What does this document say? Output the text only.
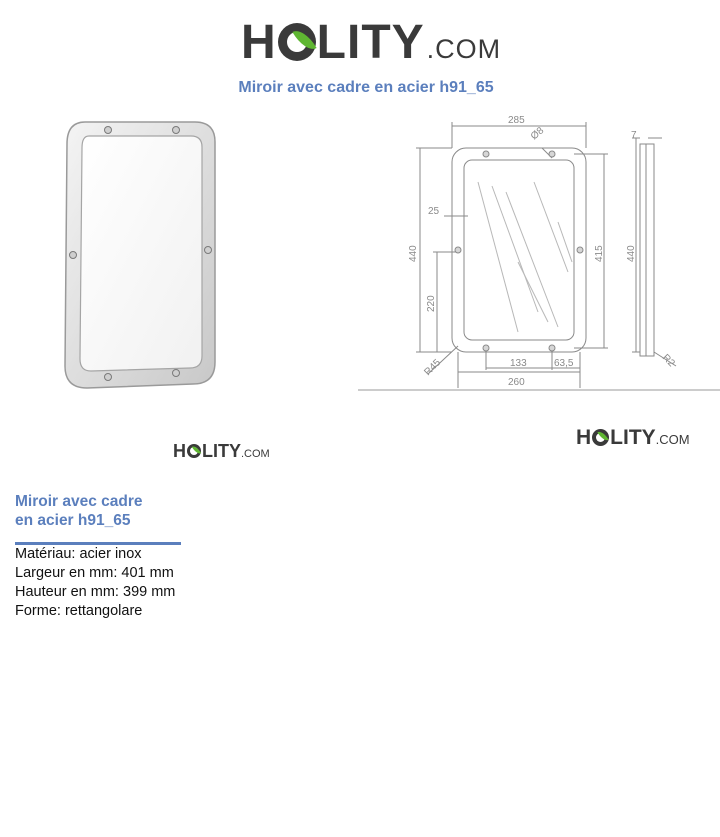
H LITY .COM
Miroir avec cadre en acier h91_65
285
Ø8	7
25
440	415 440
220
R45	133	63,5
260
R2
H LITY .COM
H LITY .COM
Miroir avec cadre
en acier h91_65
Matériau: acier inox
Largeur en mm: 401 mm
Hauteur en mm: 399 mm
Forme: rettangolare
